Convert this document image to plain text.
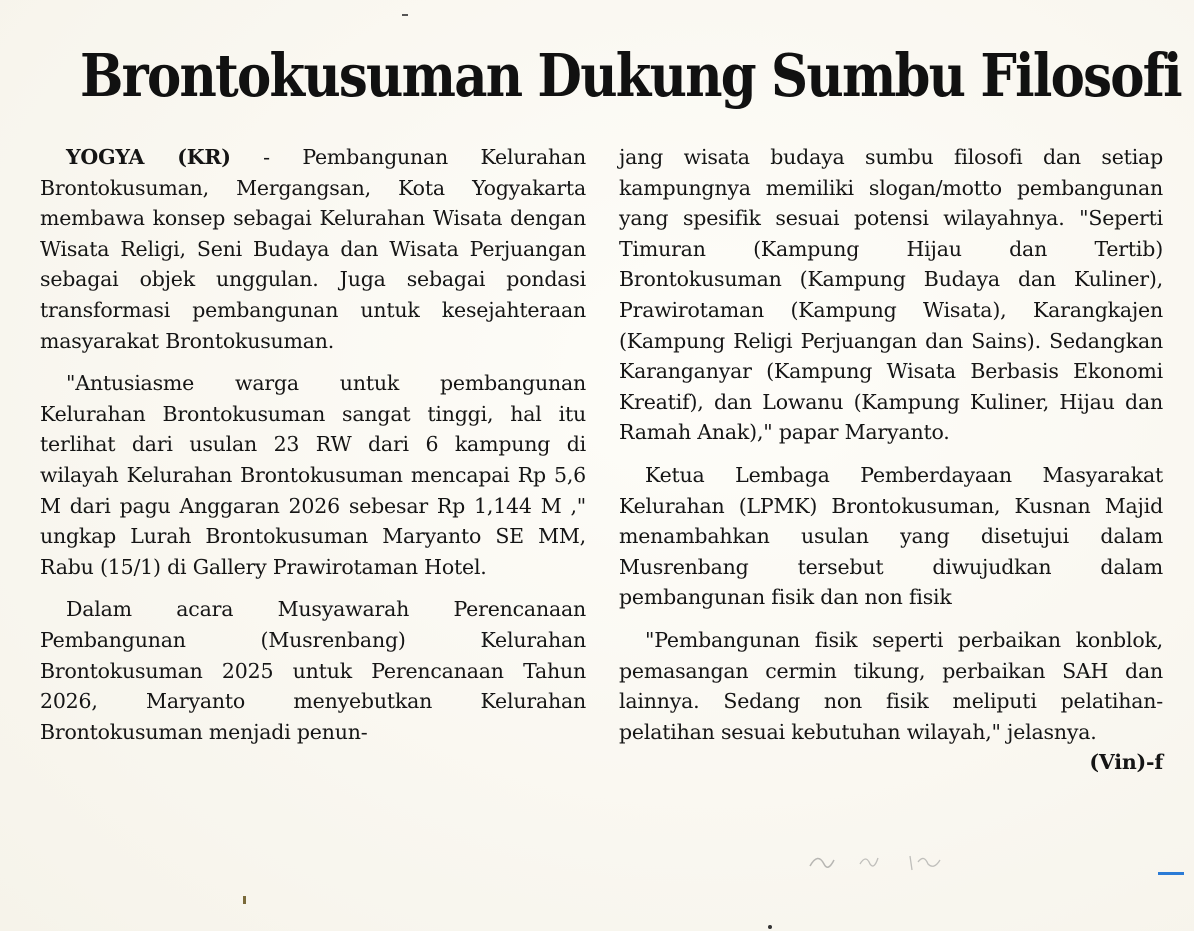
Brontokusuman Dukung Sumbu Filosofi

YOGYA (KR) - Pembangunan Kelurahan Brontokusuman, Mergangsan, Kota Yogyakarta membawa konsep sebagai Kelurahan Wisata dengan Wisata Religi, Seni Budaya dan Wisata Perjuangan sebagai objek unggulan. Juga sebagai pondasi transformasi pembangunan untuk kesejahteraan masyarakat Brontokusuman.

"Antusiasme warga untuk pembangunan Kelurahan Brontokusuman sangat tinggi, hal itu terlihat dari usulan 23 RW dari 6 kampung di wilayah Kelurahan Brontokusuman mencapai Rp 5,6 M dari pagu Anggaran 2026 sebesar Rp 1,144 M ," ungkap Lurah Brontokusuman Maryanto SE MM, Rabu (15/1) di Gallery Prawirotaman Hotel.

Dalam acara Musyawarah Perencanaan Pembangunan (Musrenbang) Kelurahan Brontokusuman 2025 untuk Perencanaan Tahun 2026, Maryanto menyebutkan Kelurahan Brontokusuman menjadi penun-

jang wisata budaya sumbu filosofi dan setiap kampungnya memiliki slogan/motto pembangunan yang spesifik sesuai potensi wilayahnya. "Seperti Timuran (Kampung Hijau dan Tertib) Brontokusuman (Kampung Budaya dan Kuliner), Prawirotaman (Kampung Wisata), Karangkajen (Kampung Religi Perjuangan dan Sains). Sedangkan Karanganyar (Kampung Wisata Berbasis Ekonomi Kreatif), dan Lowanu (Kampung Kuliner, Hijau dan Ramah Anak)," papar Maryanto.

Ketua Lembaga Pemberdayaan Masyarakat Kelurahan (LPMK) Brontokusuman, Kusnan Majid menambahkan usulan yang disetujui dalam Musrenbang tersebut diwujudkan dalam pembangunan fisik dan non fisik

"Pembangunan fisik seperti perbaikan konblok, pemasangan cermin tikung, perbaikan SAH dan lainnya. Sedang non fisik meliputi pelatihan-pelatihan sesuai kebutuhan wilayah," jelasnya.
(Vin)-f
